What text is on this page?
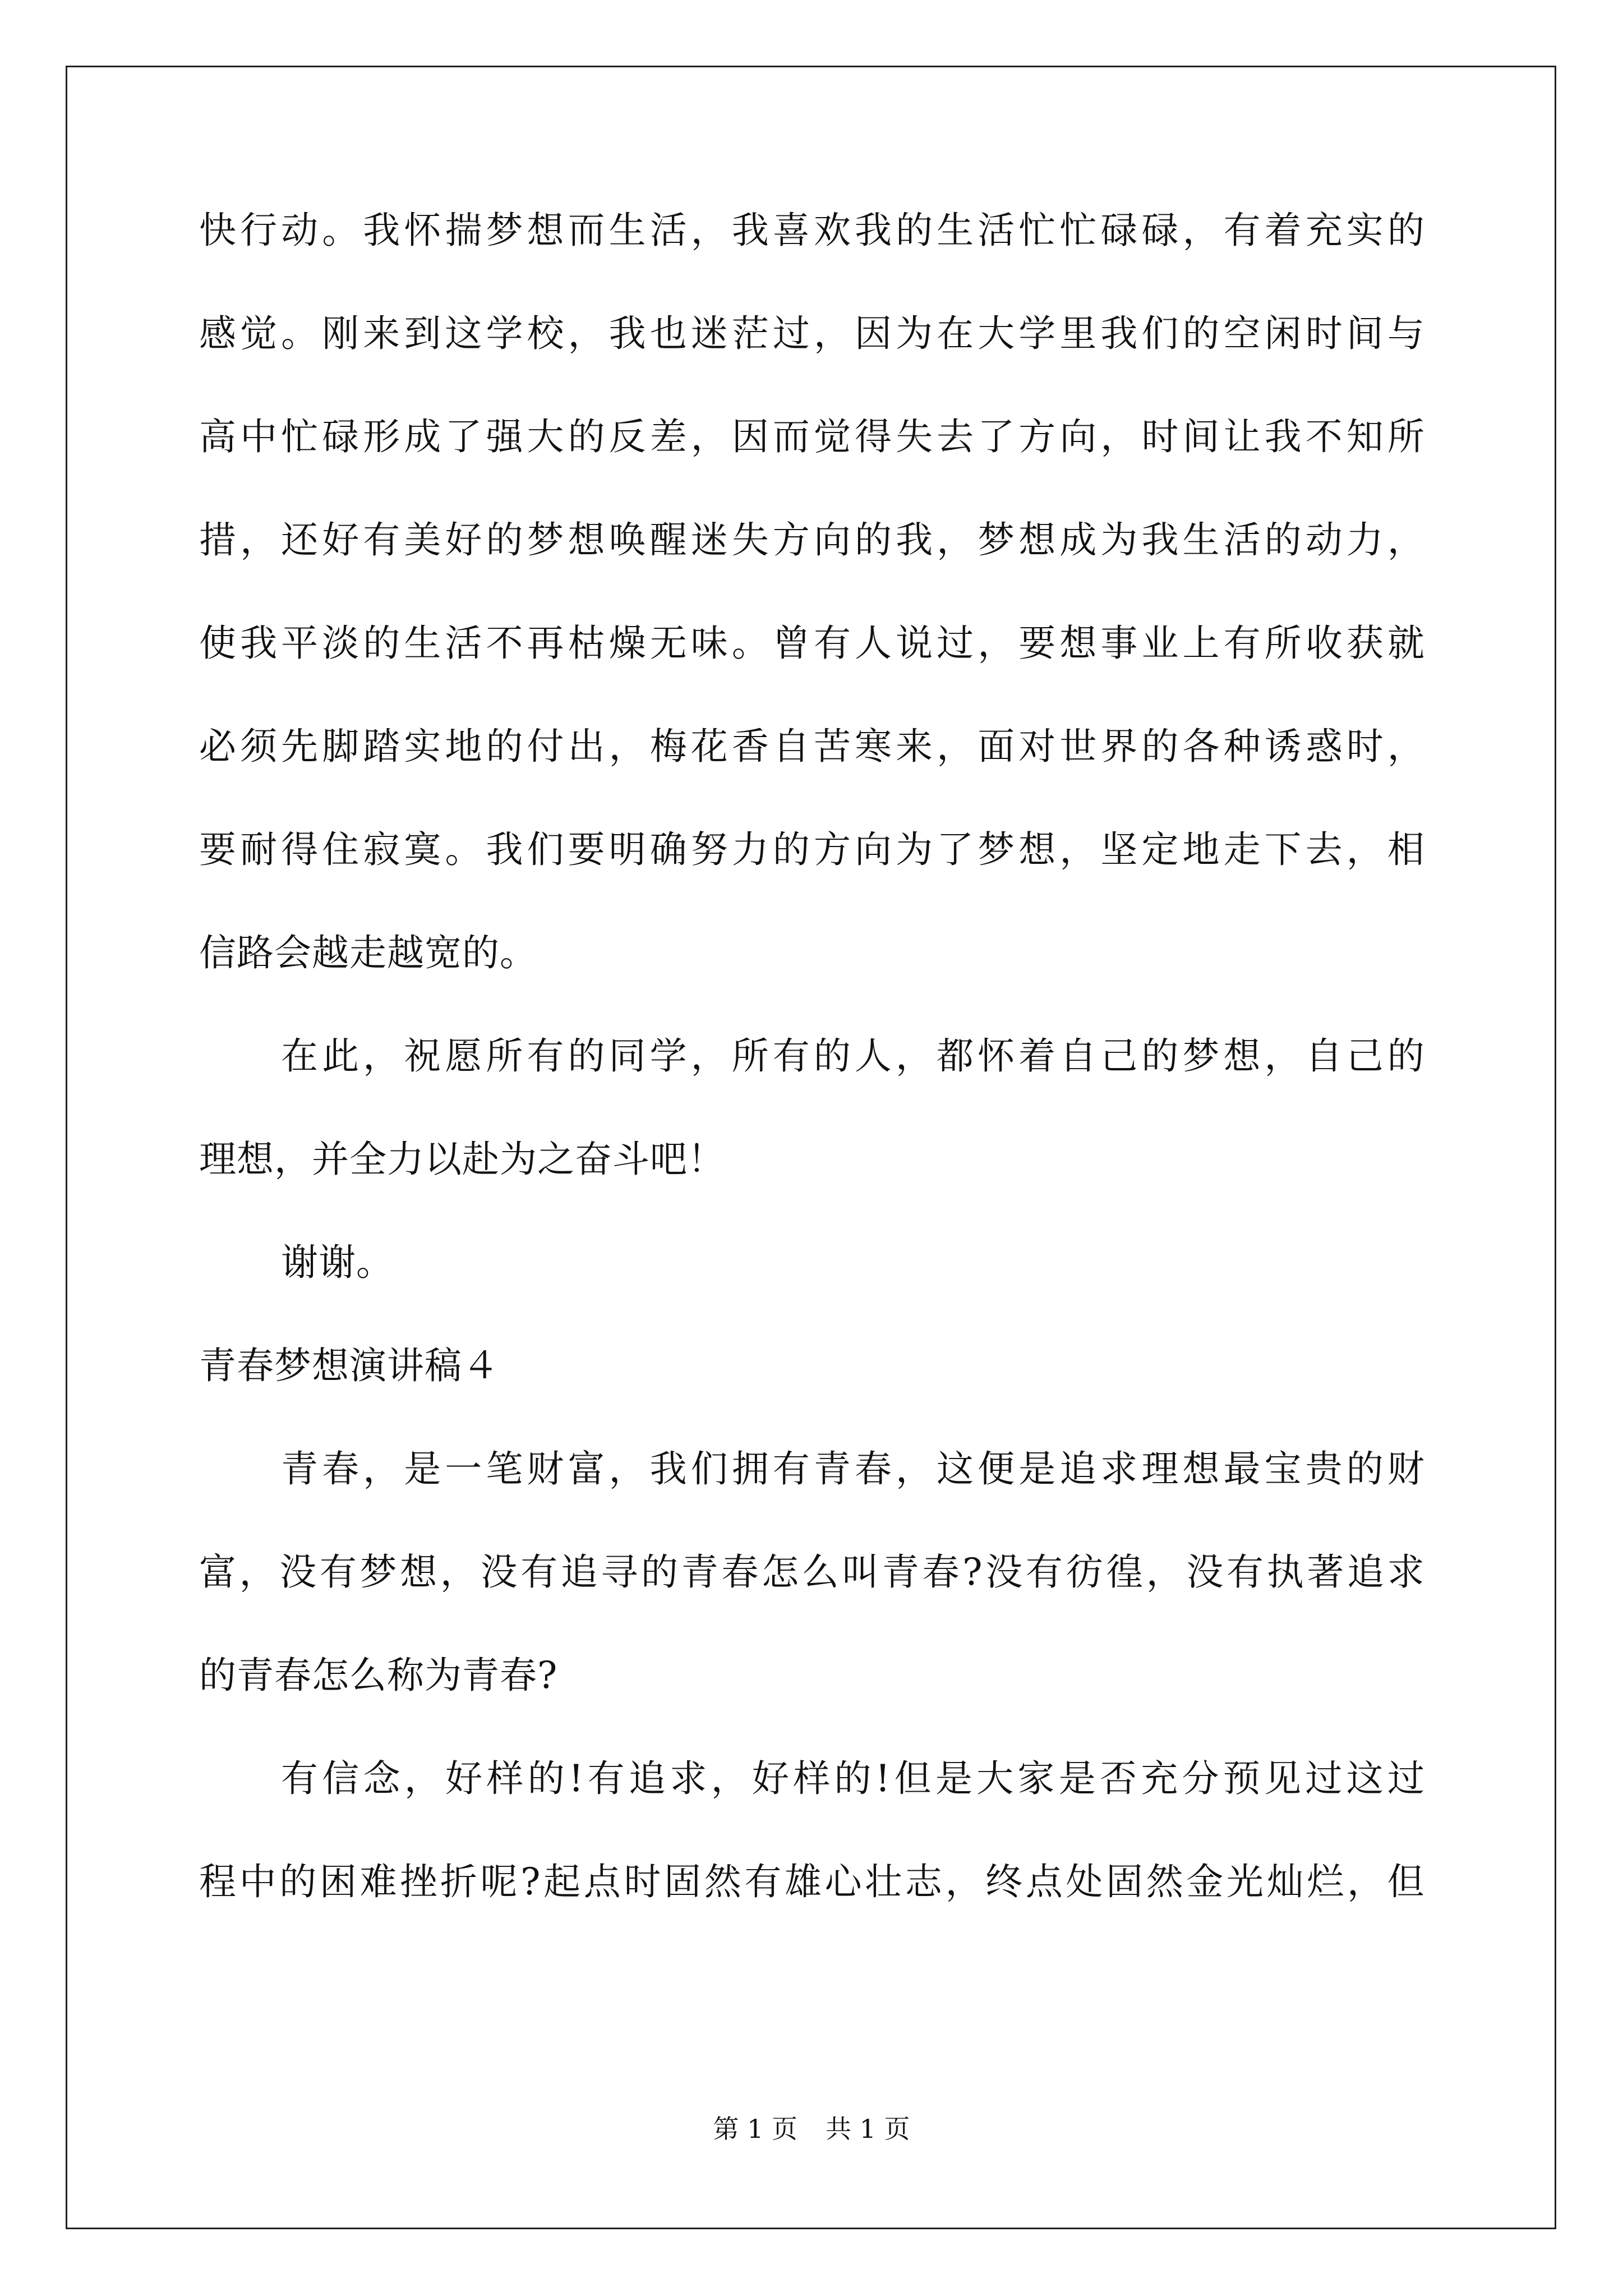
快 行 动 。 我 怀 揣 梦 想 而 生 活 ， 我 喜 欢 我 的 生 活 忙 忙 碌 碌 ， 有 着 充 实 的
感 觉 。 刚 来 到 这 学 校 ， 我 也 迷 茫 过 ， 因 为 在 大 学 里 我 们 的 空 闲 时 间 与
高 中 忙 碌 形 成 了 强 大 的 反 差 ， 因 而 觉 得 失 去 了 方 向 ， 时 间 让 我 不 知 所
措 ， 还 好 有 美 好 的 梦 想 唤 醒 迷 失 方 向 的 我 ， 梦 想 成 为 我 生 活 的 动 力 ，
使 我 平 淡 的 生 活 不 再 枯 燥 无 味 。 曾 有 人 说 过 ， 要 想 事 业 上 有 所 收 获 就
必 须 先 脚 踏 实 地 的 付 出 ， 梅 花 香 自 苦 寒 来 ， 面 对 世 界 的 各 种 诱 惑 时 ，
要 耐 得 住 寂 寞 。 我 们 要 明 确 努 力 的 方 向 为 了 梦 想 ， 坚 定 地 走 下 去 ， 相
信路会越走越宽的。
在 此 ， 祝 愿 所 有 的 同 学 ， 所 有 的 人 ， 都 怀 着 自 己 的 梦 想 ， 自 己 的
理想，并全力以赴为之奋斗吧！
谢谢。
青春梦想演讲稿４
青 春 ， 是 一 笔 财 富 ， 我 们 拥 有 青 春 ， 这 便 是 追 求 理 想 最 宝 贵 的 财
富 ， 没 有 梦 想 ， 没 有 追 寻 的 青 春 怎 么 叫 青 春 ? 没 有 彷 徨 ， 没 有 执 著 追 求
的青春怎么称为青春?
有 信 念 ， 好 样 的 ! 有 追 求 ， 好 样 的 ! 但 是 大 家 是 否 充 分 预 见 过 这 过
程 中 的 困 难 挫 折 呢 ? 起 点 时 固 然 有 雄 心 壮 志 ， 终 点 处 固 然 金 光 灿 烂 ， 但
第 1 页 共 1 页
